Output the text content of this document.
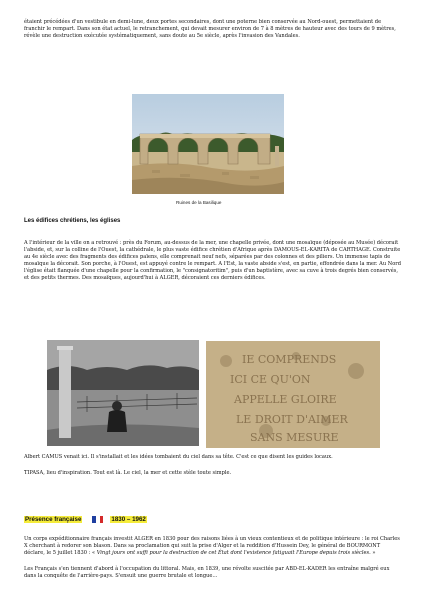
étaient précédées d'un vestibule en demi-lune, deux portes secondaires, dont une poterne bien conservée au Nord-ouest, permettaient de franchir le rempart. Dans son état actuel, le retranchement, qui devait mesurer environ de 7 à 8 mètres de hauteur avec des tours de 9 mètres, révèle une destruction exécutée systématiquement, sans doute au 5e siècle, après l'invasion des Vandales.

Ruines de la Basilique
Les édifices chrétiens, les églises

A l'intérieur de la ville on a retrouvé : près du Forum, au-dessus de la mer, une chapelle privée, dont une mosaïque (déposée au Musée) décorait l'abside, et, sur la colline de l'Ouest, la cathédrale, le plus vaste édifice chrétien d'Afrique après DAMOUS-EL-KARITA de CARTHAGE. Construite au 4e siècle avec des fragments des édifices païens, elle comprenait neuf nefs, séparées par des colonnes et des piliers. Un immense tapis de mosaïque la décorait. Son porche, à l'Ouest, est appuyé contre le rempart. A l'Est, la vaste abside s'est, en partie, effondrée dans la mer. Au Nord l'église était flanquée d'une chapelle pour la confirmation, le "consignatoritim", puis d'un baptistère, avec sa cuve à trois degrés bien conservés, et des petits thermes. Des mosaïques, aujourd'hui à ALGER, décoraient ces derniers édifices.

IE COMPRENDS
ICI CE QU'ON
APPELLE GLOIRE
LE DROIT D'AIMER
SANS MESURE

Albert CAMUS venait ici. Il s'installait et les idées tombaient du ciel dans sa tête. C'est ce que disent les guides locaux.

TIPASA, lieu d'inspiration. Tout est là. Le ciel, la mer et cette stèle toute simple.

Présence française	1830 – 1962

Un corps expéditionnaire français investit ALGER en 1830 pour des raisons liées à un vieux contentieux et de politique intérieure : le roi Charles X cherchant à redorer son blason. Dans sa proclamation qui suit la prise d'Alger et la reddition d'Hussein Dey, le général de BOURMONT déclare, le 5 juillet 1830 : « Vingt jours ont suffi pour la destruction de cet État dont l'existence fatiguait l'Europe depuis trois siècles. »

Les Français s'en tiennent d'abord à l'occupation du littoral. Mais, en 1839, une révolte suscitée par ABD-EL-KADER les entraîne malgré eux dans la conquête de l'arrière-pays. S'ensuit une guerre brutale et longue…
